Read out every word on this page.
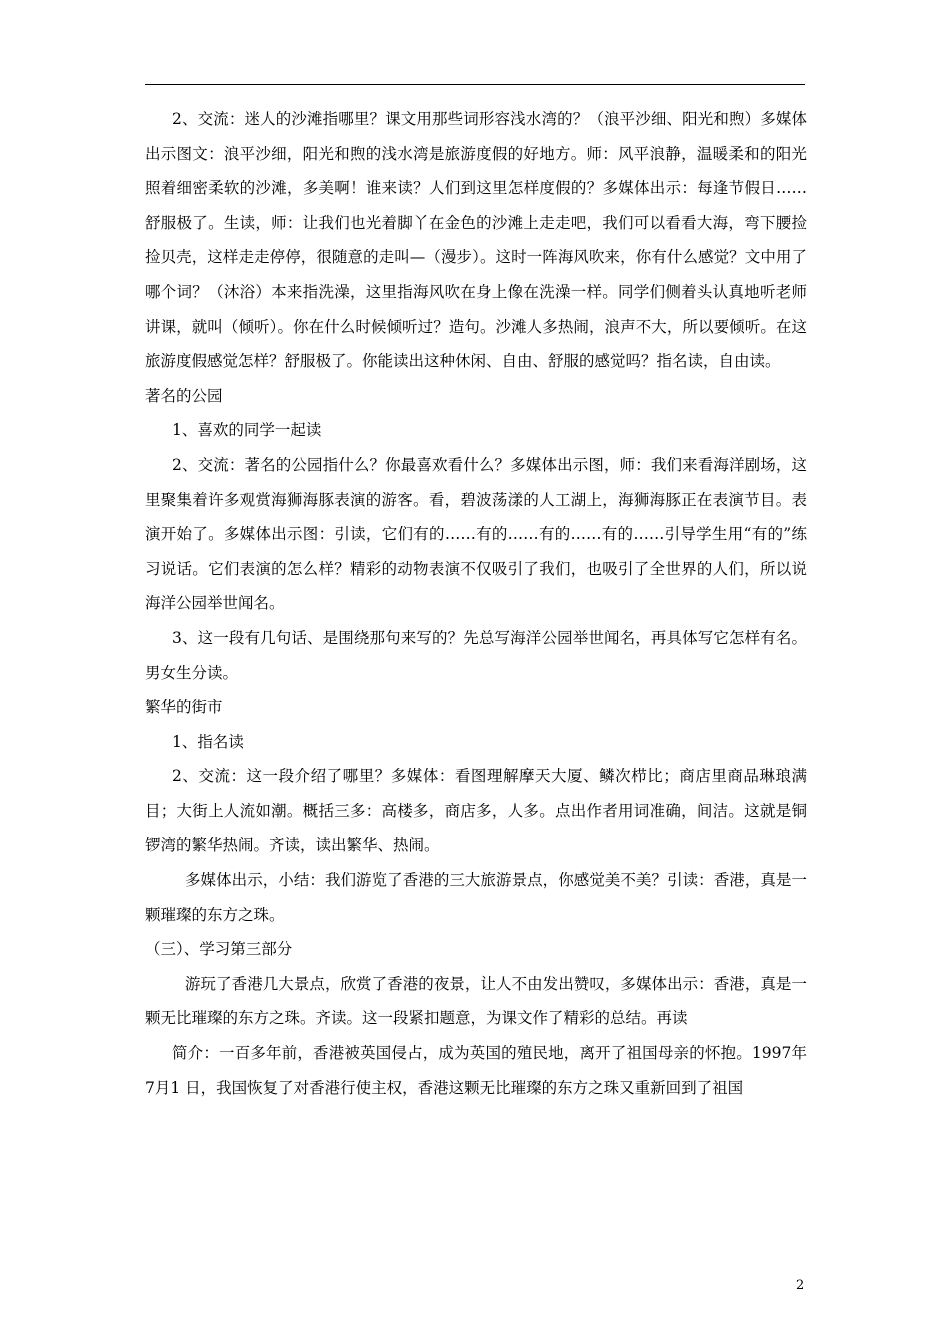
2、交流：迷人的沙滩指哪里？课文用那些词形容浅水湾的？（浪平沙细、阳光和煦）多媒体出示图文：浪平沙细，阳光和煦的浅水湾是旅游度假的好地方。师：风平浪静，温暖柔和的阳光照着细密柔软的沙滩，多美啊！谁来读？人们到这里怎样度假的？多媒体出示：每逢节假日……舒服极了。生读，师：让我们也光着脚丫在金色的沙滩上走走吧，我们可以看看大海，弯下腰捡捡贝壳，这样走走停停，很随意的走叫—（漫步）。这时一阵海风吹来，你有什么感觉？文中用了哪个词？（沐浴）本来指洗澡，这里指海风吹在身上像在洗澡一样。同学们侧着头认真地听老师讲课，就叫（倾听）。你在什么时候倾听过？造句。沙滩人多热闹，浪声不大，所以要倾听。在这旅游度假感觉怎样？舒服极了。你能读出这种休闲、自由、舒服的感觉吗？指名读，自由读。

著名的公园

1、喜欢的同学一起读

2、交流：著名的公园指什么？你最喜欢看什么？多媒体出示图，师：我们来看海洋剧场，这里聚集着许多观赏海狮海豚表演的游客。看，碧波荡漾的人工湖上，海狮海豚正在表演节目。表演开始了。多媒体出示图：引读，它们有的……有的……有的……有的……引导学生用“有的”练习说话。它们表演的怎么样？精彩的动物表演不仅吸引了我们，也吸引了全世界的人们，所以说海洋公园举世闻名。

3、这一段有几句话、是围绕那句来写的？先总写海洋公园举世闻名，再具体写它怎样有名。男女生分读。

繁华的街市

1、指名读

2、交流：这一段介绍了哪里？多媒体：看图理解摩天大厦、鳞次栉比；商店里商品琳琅满目；大街上人流如潮。概括三多：高楼多，商店多，人多。点出作者用词准确，间洁。这就是铜锣湾的繁华热闹。齐读，读出繁华、热闹。

多媒体出示，小结：我们游览了香港的三大旅游景点，你感觉美不美？引读：香港，真是一颗璀璨的东方之珠。

（三）、学习第三部分

游玩了香港几大景点，欣赏了香港的夜景，让人不由发出赞叹，多媒体出示：香港，真是一颗无比璀璨的东方之珠。齐读。这一段紧扣题意，为课文作了精彩的总结。再读

简介：一百多年前，香港被英国侵占，成为英国的殖民地，离开了祖国母亲的怀抱。1997年7月1 日，我国恢复了对香港行使主权，香港这颗无比璀璨的东方之珠又重新回到了祖国

2
